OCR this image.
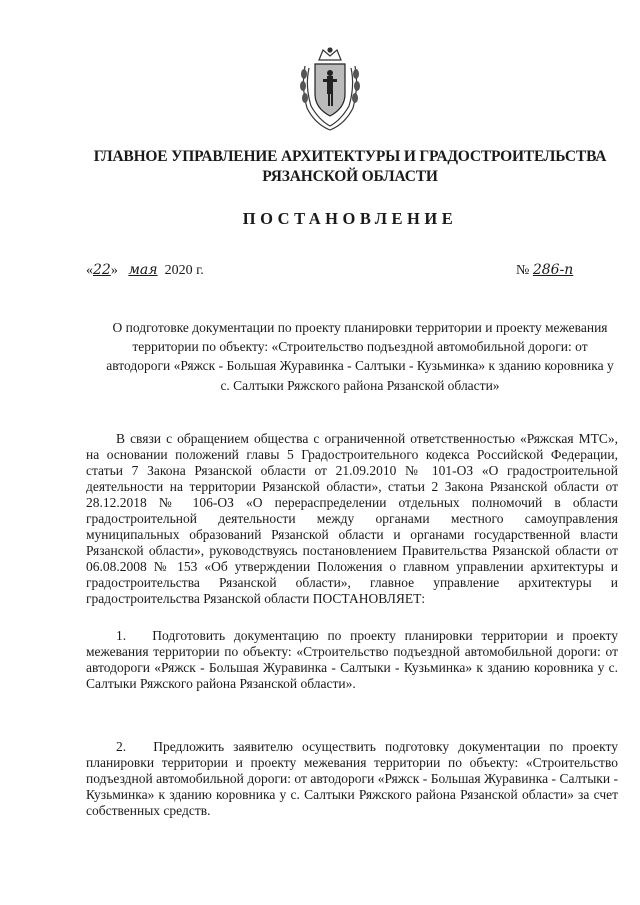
ГЛАВНОЕ УПРАВЛЕНИЕ АРХИТЕКТУРЫ И ГРАДОСТРОИТЕЛЬСТВА
РЯЗАНСКОЙ ОБЛАСТИ
ПОСТАНОВЛЕНИЕ
«22» мая 2020 г.	№ 286-п
О подготовке документации по проекту планировки территории и проекту межевания территории по объекту: «Строительство подъездной автомобильной дороги: от автодороги «Ряжск - Большая Журавинка - Салтыки - Кузьминка» к зданию коровника у с. Салтыки Ряжского района Рязанской области»
В связи с обращением общества с ограниченной ответственностью «Ряжская МТС», на основании положений главы 5 Градостроительного кодекса Российской Федерации, статьи 7 Закона Рязанской области от 21.09.2010 № 101-ОЗ «О градостроительной деятельности на территории Рязанской области», статьи 2 Закона Рязанской области от 28.12.2018 № 106-ОЗ «О перераспределении отдельных полномочий в области градостроительной деятельности между органами местного самоуправления муниципальных образований Рязанской области и органами государственной власти Рязанской области», руководствуясь постановлением Правительства Рязанской области от 06.08.2008 № 153 «Об утверждении Положения о главном управлении архитектуры и градостроительства Рязанской области», главное управление архитектуры и градостроительства Рязанской области ПОСТАНОВЛЯЕТ:
1.   Подготовить документацию по проекту планировки территории и проекту межевания территории по объекту: «Строительство подъездной автомобильной дороги: от автодороги «Ряжск - Большая Журавинка - Салтыки - Кузьминка» к зданию коровника у с. Салтыки Ряжского района Рязанской области».
2.   Предложить заявителю осуществить подготовку документации по проекту планировки территории и проекту межевания территории по объекту: «Строительство подъездной автомобильной дороги: от автодороги «Ряжск - Большая Журавинка - Салтыки - Кузьминка» к зданию коровника у с. Салтыки Ряжского района Рязанской области» за счет собственных средств.
